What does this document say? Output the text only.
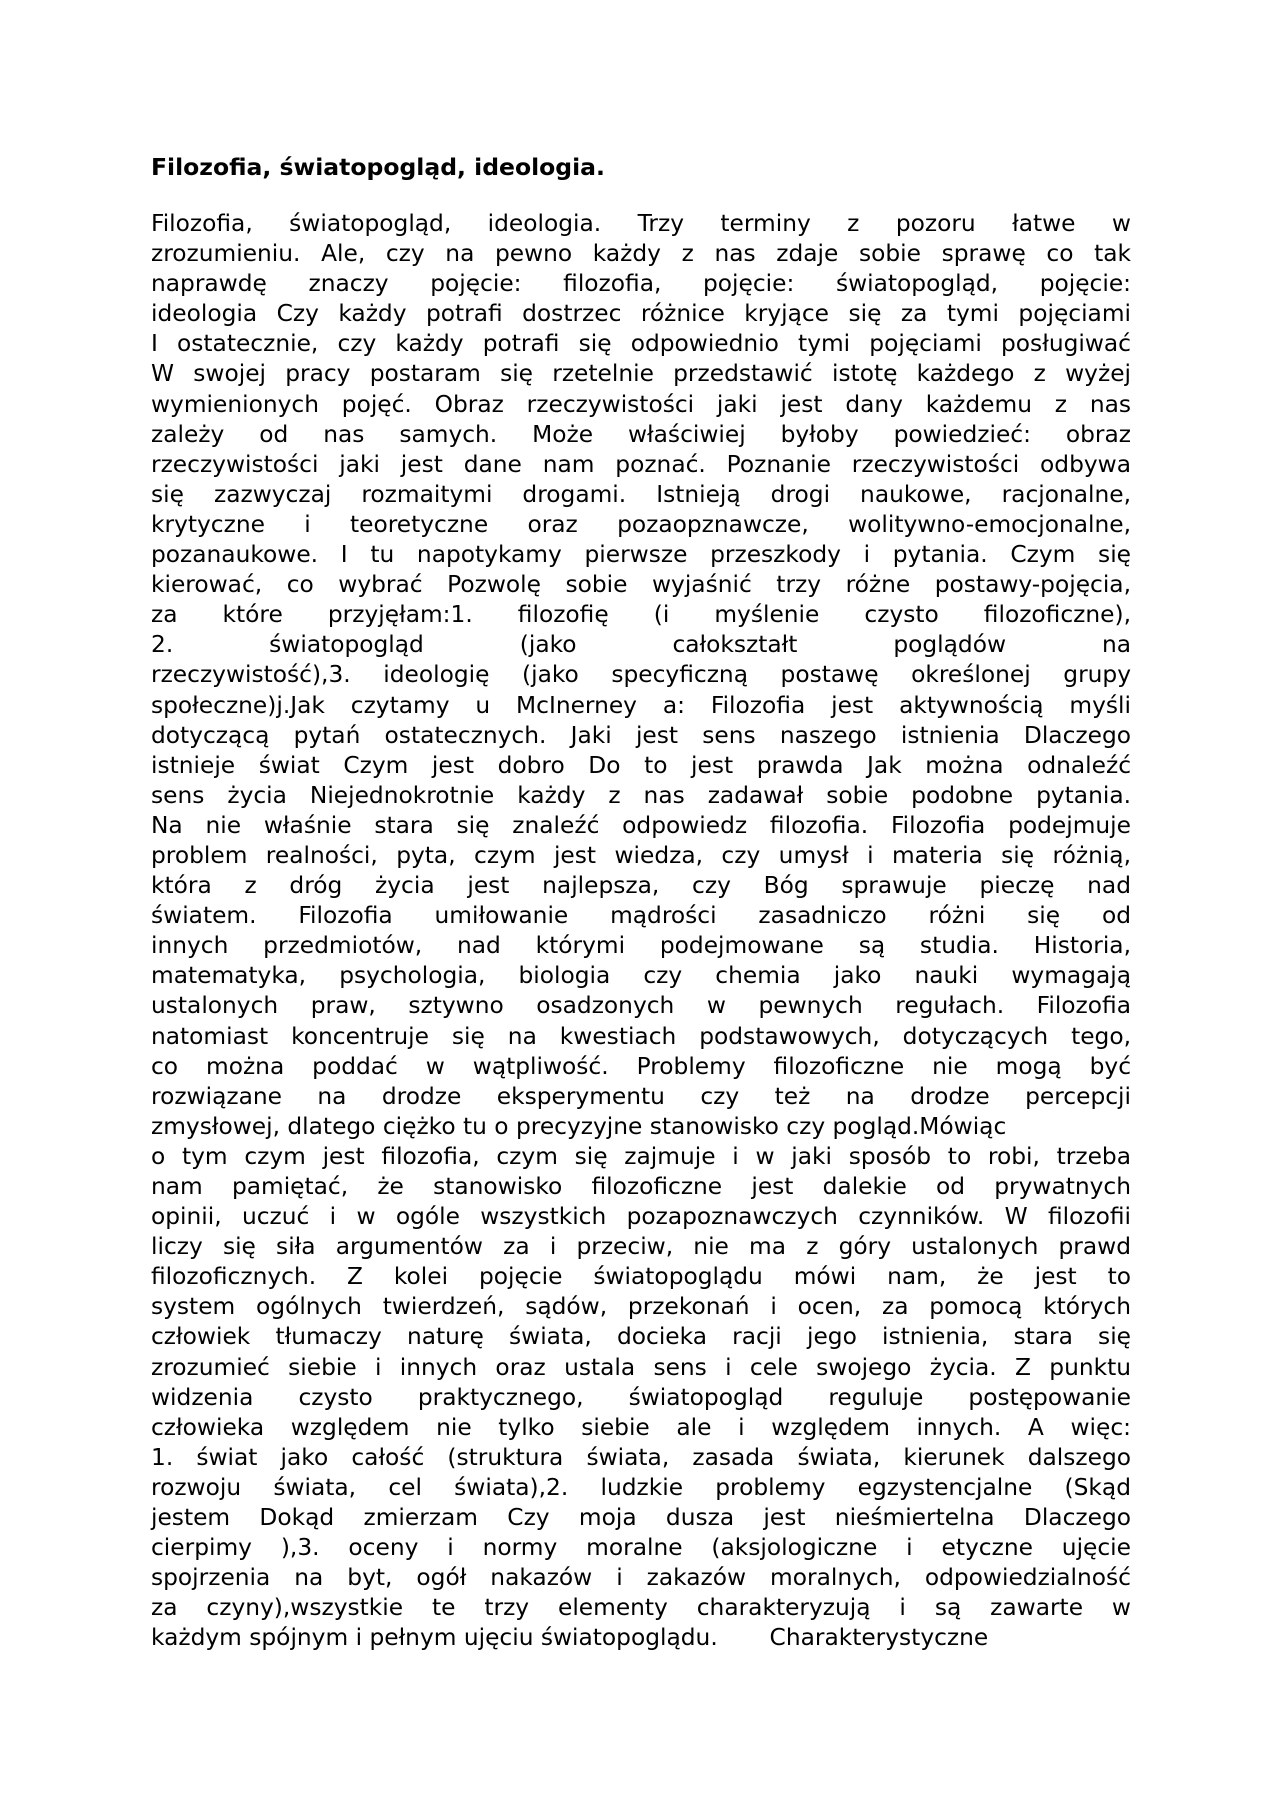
Filozofia, światopogląd, ideologia.
Filozofia, światopogląd, ideologia. Trzy terminy z pozoru łatwe w
zrozumieniu. Ale, czy na pewno każdy z nas zdaje sobie sprawę co tak
naprawdę znaczy pojęcie: filozofia, pojęcie: światopogląd, pojęcie:
ideologia Czy każdy potrafi dostrzec różnice kryjące się za tymi pojęciami
I ostatecznie, czy każdy potrafi się odpowiednio tymi pojęciami posługiwać
W swojej pracy postaram się rzetelnie przedstawić istotę każdego z wyżej
wymienionych pojęć. Obraz rzeczywistości jaki jest dany każdemu z nas
zależy od nas samych. Może właściwiej byłoby powiedzieć: obraz
rzeczywistości jaki jest dane nam poznać. Poznanie rzeczywistości odbywa
się zazwyczaj rozmaitymi drogami. Istnieją drogi naukowe, racjonalne,
krytyczne i teoretyczne oraz pozaopznawcze, wolitywno-emocjonalne,
pozanaukowe. I tu napotykamy pierwsze przeszkody i pytania. Czym się
kierować, co wybrać Pozwolę sobie wyjaśnić trzy różne postawy-pojęcia,
za które przyjęłam:1. filozofię (i myślenie czysto filozoficzne),
2. światopogląd (jako całokształt poglądów na
rzeczywistość),3. ideologię (jako specyficzną postawę określonej grupy
społeczne)j.Jak czytamy u McInerney a: Filozofia jest aktywnością myśli
dotyczącą pytań ostatecznych. Jaki jest sens naszego istnienia Dlaczego
istnieje świat Czym jest dobro Do to jest prawda Jak można odnaleźć
sens życia Niejednokrotnie każdy z nas zadawał sobie podobne pytania.
Na nie właśnie stara się znaleźć odpowiedz filozofia. Filozofia podejmuje
problem realności, pyta, czym jest wiedza, czy umysł i materia się różnią,
która z dróg życia jest najlepsza, czy Bóg sprawuje pieczę nad
światem. Filozofia umiłowanie mądrości zasadniczo różni się od
innych przedmiotów, nad którymi podejmowane są studia. Historia,
matematyka, psychologia, biologia czy chemia jako nauki wymagają
ustalonych praw, sztywno osadzonych w pewnych regułach. Filozofia
natomiast koncentruje się na kwestiach podstawowych, dotyczących tego,
co można poddać w wątpliwość. Problemy filozoficzne nie mogą być
rozwiązane na drodze eksperymentu czy też na drodze percepcji
zmysłowej, dlatego ciężko tu o precyzyjne stanowisko czy pogląd.Mówiąc
o tym czym jest filozofia, czym się zajmuje i w jaki sposób to robi, trzeba
nam pamiętać, że stanowisko filozoficzne jest dalekie od prywatnych
opinii, uczuć i w ogóle wszystkich pozapoznawczych czynników. W filozofii
liczy się siła argumentów za i przeciw, nie ma z góry ustalonych prawd
filozoficznych. Z kolei pojęcie światopoglądu mówi nam, że jest to
system ogólnych twierdzeń, sądów, przekonań i ocen, za pomocą których
człowiek tłumaczy naturę świata, docieka racji jego istnienia, stara się
zrozumieć siebie i innych oraz ustala sens i cele swojego życia. Z punktu
widzenia czysto praktycznego, światopogląd reguluje postępowanie
człowieka względem nie tylko siebie ale i względem innych. A więc:
1. świat jako całość (struktura świata, zasada świata, kierunek dalszego
rozwoju świata, cel świata),2. ludzkie problemy egzystencjalne (Skąd
jestem Dokąd zmierzam Czy moja dusza jest nieśmiertelna Dlaczego
cierpimy ),3. oceny i normy moralne (aksjologiczne i etyczne ujęcie
spojrzenia na byt, ogół nakazów i zakazów moralnych, odpowiedzialność
za czyny),wszystkie te trzy elementy charakteryzują i są zawarte w
każdym spójnym i pełnym ujęciu światopoglądu.       Charakterystyczne
